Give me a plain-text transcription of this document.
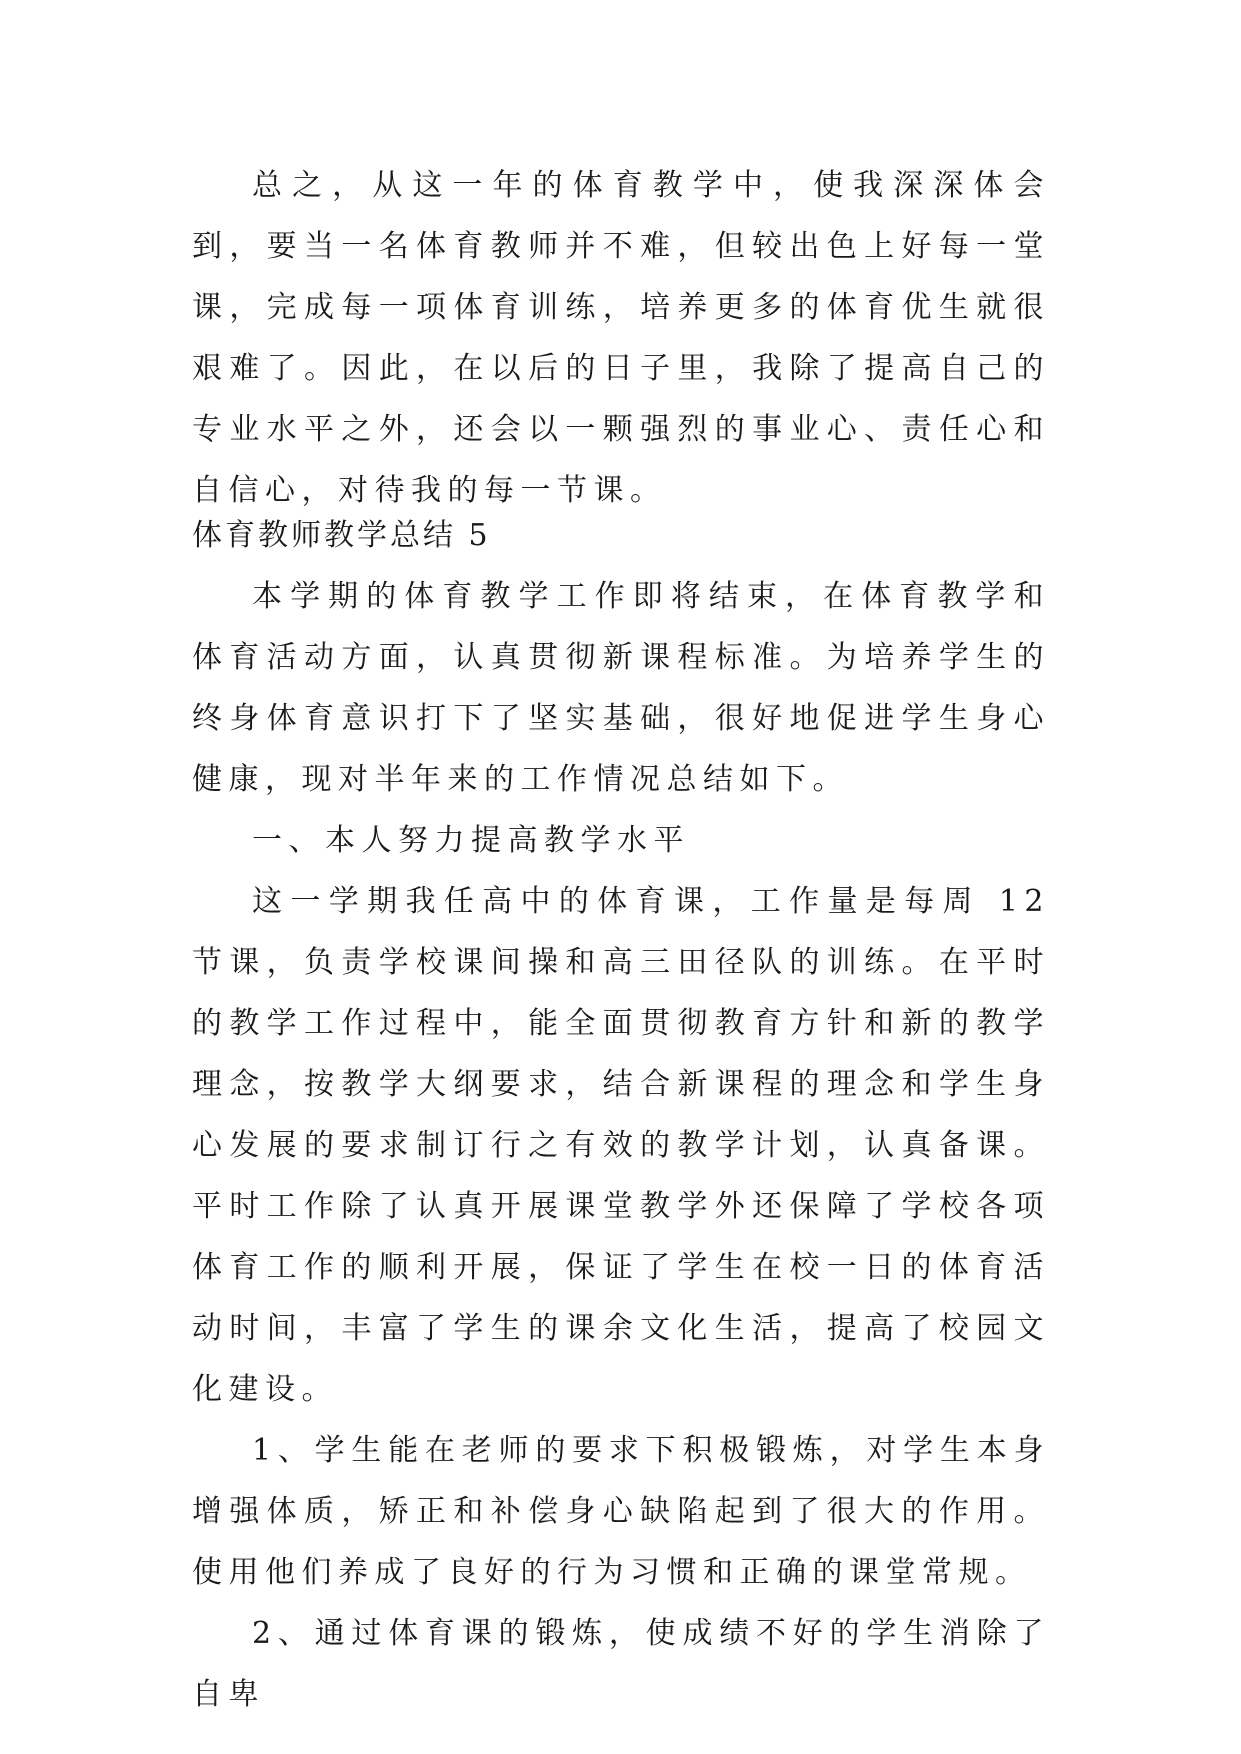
总之，从这一年的体育教学中，使我深深体会到，要当一名体育教师并不难，但较出色上好每一堂课，完成每一项体育训练，培养更多的体育优生就很艰难了。因此，在以后的日子里，我除了提高自己的专业水平之外，还会以一颗强烈的事业心、责任心和自信心，对待我的每一节课。

体育教师教学总结 5

本学期的体育教学工作即将结束，在体育教学和体育活动方面，认真贯彻新课程标准。为培养学生的终身体育意识打下了坚实基础，很好地促进学生身心健康，现对半年来的工作情况总结如下。

一、本人努力提高教学水平

这一学期我任高中的体育课，工作量是每周 12 节课，负责学校课间操和高三田径队的训练。在平时的教学工作过程中，能全面贯彻教育方针和新的教学理念，按教学大纲要求，结合新课程的理念和学生身心发展的要求制订行之有效的教学计划，认真备课。平时工作除了认真开展课堂教学外还保障了学校各项体育工作的顺利开展，保证了学生在校一日的体育活动时间，丰富了学生的课余文化生活，提高了校园文化建设。

1、学生能在老师的要求下积极锻炼，对学生本身增强体质，矫正和补偿身心缺陷起到了很大的作用。使用他们养成了良好的行为习惯和正确的课堂常规。

2、通过体育课的锻炼，使成绩不好的学生消除了自卑
